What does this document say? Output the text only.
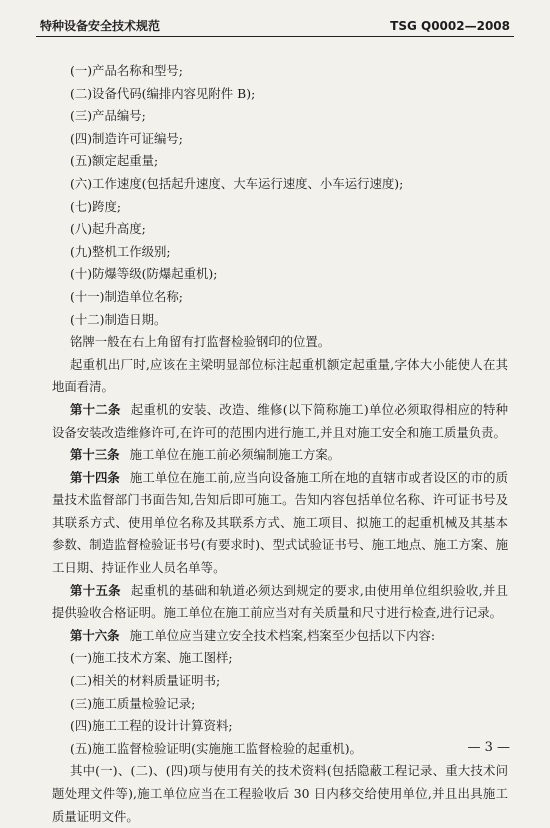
特种设备安全技术规范	TSG Q0002—2008
(一)产品名称和型号;
(二)设备代码(编排内容见附件 B);
(三)产品编号;
(四)制造许可证编号;
(五)额定起重量;
(六)工作速度(包括起升速度、大车运行速度、小车运行速度);
(七)跨度;
(八)起升高度;
(九)整机工作级别;
(十)防爆等级(防爆起重机);
(十一)制造单位名称;
(十二)制造日期。
铭牌一般在右上角留有打监督检验钢印的位置。
起重机出厂时,应该在主梁明显部位标注起重机额定起重量,字体大小能使人在其地面看清。
第十二条 起重机的安装、改造、维修(以下简称施工)单位必须取得相应的特种设备安装改造维修许可,在许可的范围内进行施工,并且对施工安全和施工质量负责。
第十三条 施工单位在施工前必须编制施工方案。
第十四条 施工单位在施工前,应当向设备施工所在地的直辖市或者设区的市的质量技术监督部门书面告知,告知后即可施工。告知内容包括单位名称、许可证书号及其联系方式、使用单位名称及其联系方式、施工项目、拟施工的起重机械及其基本参数、制造监督检验证书号(有要求时)、型式试验证书号、施工地点、施工方案、施工日期、持证作业人员名单等。
第十五条 起重机的基础和轨道必须达到规定的要求,由使用单位组织验收,并且提供验收合格证明。施工单位在施工前应当对有关质量和尺寸进行检查,进行记录。
第十六条 施工单位应当建立安全技术档案,档案至少包括以下内容:
(一)施工技术方案、施工图样;
(二)相关的材料质量证明书;
(三)施工质量检验记录;
(四)施工工程的设计计算资料;
(五)施工监督检验证明(实施施工监督检验的起重机)。
其中(一)、(二)、(四)项与使用有关的技术资料(包括隐蔽工程记录、重大技术问题处理文件等),施工单位应当在工程验收后 30 日内移交给使用单位,并且出具施工质量证明文件。
— 3 —
